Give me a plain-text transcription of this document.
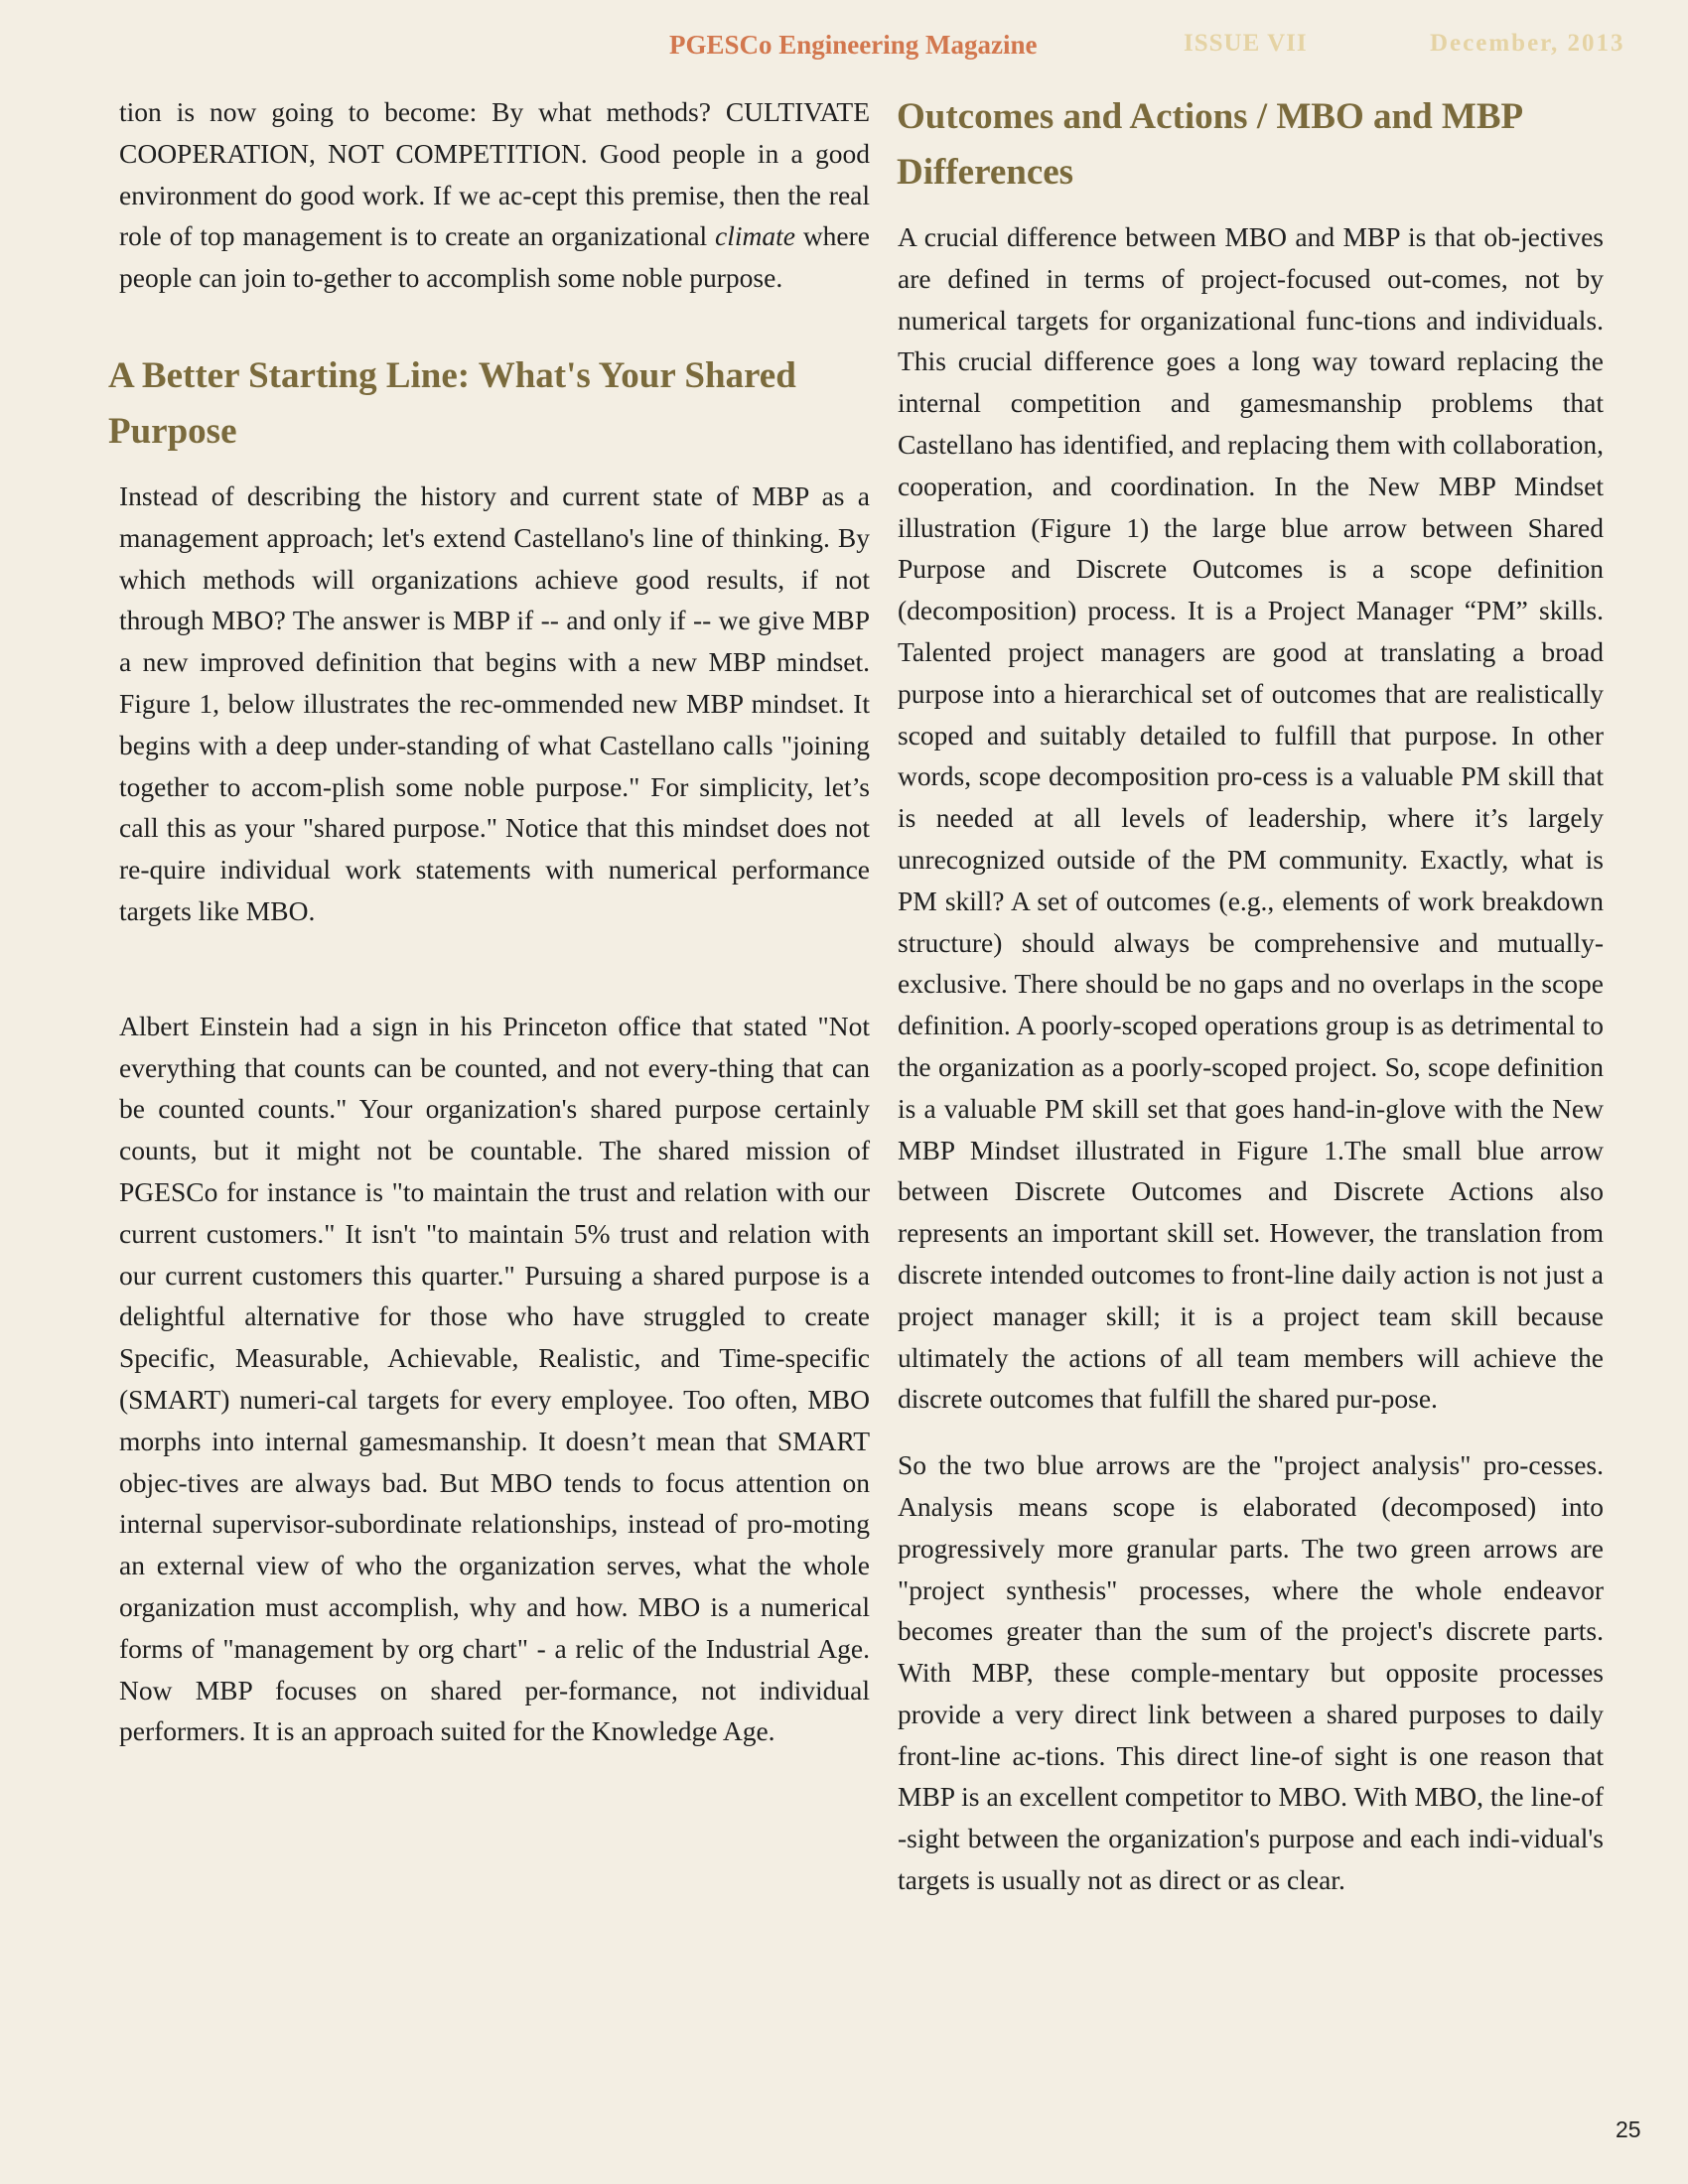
PGESCo Engineering Magazine	ISSUE VII	December, 2013

tion is now going to become: By what methods? CULTIVATE COOPERATION, NOT COMPETITION. Good people in a good environment do good work. If we ac-cept this premise, then the real role of top management is to create an organizational climate where people can join to-gether to accomplish some noble purpose.

A Better Starting Line: What's Your Shared Purpose

Instead of describing the history and current state of MBP as a management approach; let's extend Castellano's line of thinking. By which methods will organizations achieve good results, if not through MBO? The answer is MBP if -- and only if -- we give MBP a new improved definition that begins with a new MBP mindset. Figure 1, below illustrates the rec-ommended new MBP mindset. It begins with a deep under-standing of what Castellano calls "joining together to accom-plish some noble purpose." For simplicity, let’s call this as your "shared purpose." Notice that this mindset does not re-quire individual work statements with numerical performance targets like MBO.

Albert Einstein had a sign in his Princeton office that stated "Not everything that counts can be counted, and not every-thing that can be counted counts." Your organization's shared purpose certainly counts, but it might not be countable. The shared mission of PGESCo for instance is "to maintain the trust and relation with our current customers." It isn't "to maintain 5% trust and relation with our current customers this quarter." Pursuing a shared purpose is a delightful alternative for those who have struggled to create Specific, Measurable, Achievable, Realistic, and Time-specific (SMART) numeri-cal targets for every employee. Too often, MBO morphs into internal gamesmanship. It doesn’t mean that SMART objec-tives are always bad. But MBO tends to focus attention on internal supervisor-subordinate relationships, instead of pro-moting an external view of who the organization serves, what the whole organization must accomplish, why and how. MBO is a numerical forms of "management by org chart" - a relic of the Industrial Age. Now MBP focuses on shared per-formance, not individual performers. It is an approach suited for the Knowledge Age.

Outcomes and Actions / MBO and MBP Differences

A crucial difference between MBO and MBP is that ob-jectives are defined in terms of project-focused out-comes, not by numerical targets for organizational func-tions and individuals. This crucial difference goes a long way toward replacing the internal competition and gamesmanship problems that Castellano has identified, and replacing them with collaboration, cooperation, and coordination. In the New MBP Mindset illustration (Figure 1) the large blue arrow between Shared Purpose and Discrete Outcomes is a scope definition (decomposition) process. It is a Project Manager “PM” skills. Talented project managers are good at translating a broad purpose into a hierarchical set of outcomes that are realistically scoped and suitably detailed to fulfill that purpose. In other words, scope decomposition pro-cess is a valuable PM skill that is needed at all levels of leadership, where it’s largely unrecognized outside of the PM community. Exactly, what is PM skill? A set of outcomes (e.g., elements of work breakdown structure) should always be comprehensive and mutually-exclusive. There should be no gaps and no overlaps in the scope definition. A poorly-scoped operations group is as detrimental to the organization as a poorly-scoped project. So, scope definition is a valuable PM skill set that goes hand-in-glove with the New MBP Mindset illustrated in Figure 1.The small blue arrow between Discrete Outcomes and Discrete Actions also represents an important skill set. However, the translation from discrete intended outcomes to front-line daily action is not just a project manager skill; it is a project team skill because ultimately the actions of all team members will achieve the discrete outcomes that fulfill the shared pur-pose.

So the two blue arrows are the "project analysis" pro-cesses. Analysis means scope is elaborated (decomposed) into progressively more granular parts. The two green arrows are "project synthesis" processes, where the whole endeavor becomes greater than the sum of the project's discrete parts. With MBP, these comple-mentary but opposite processes provide a very direct link between a shared purposes to daily front-line ac-tions. This direct line-of sight is one reason that MBP is an excellent competitor to MBO. With MBO, the line-of -sight between the organization's purpose and each indi-vidual's targets is usually not as direct or as clear.

25
